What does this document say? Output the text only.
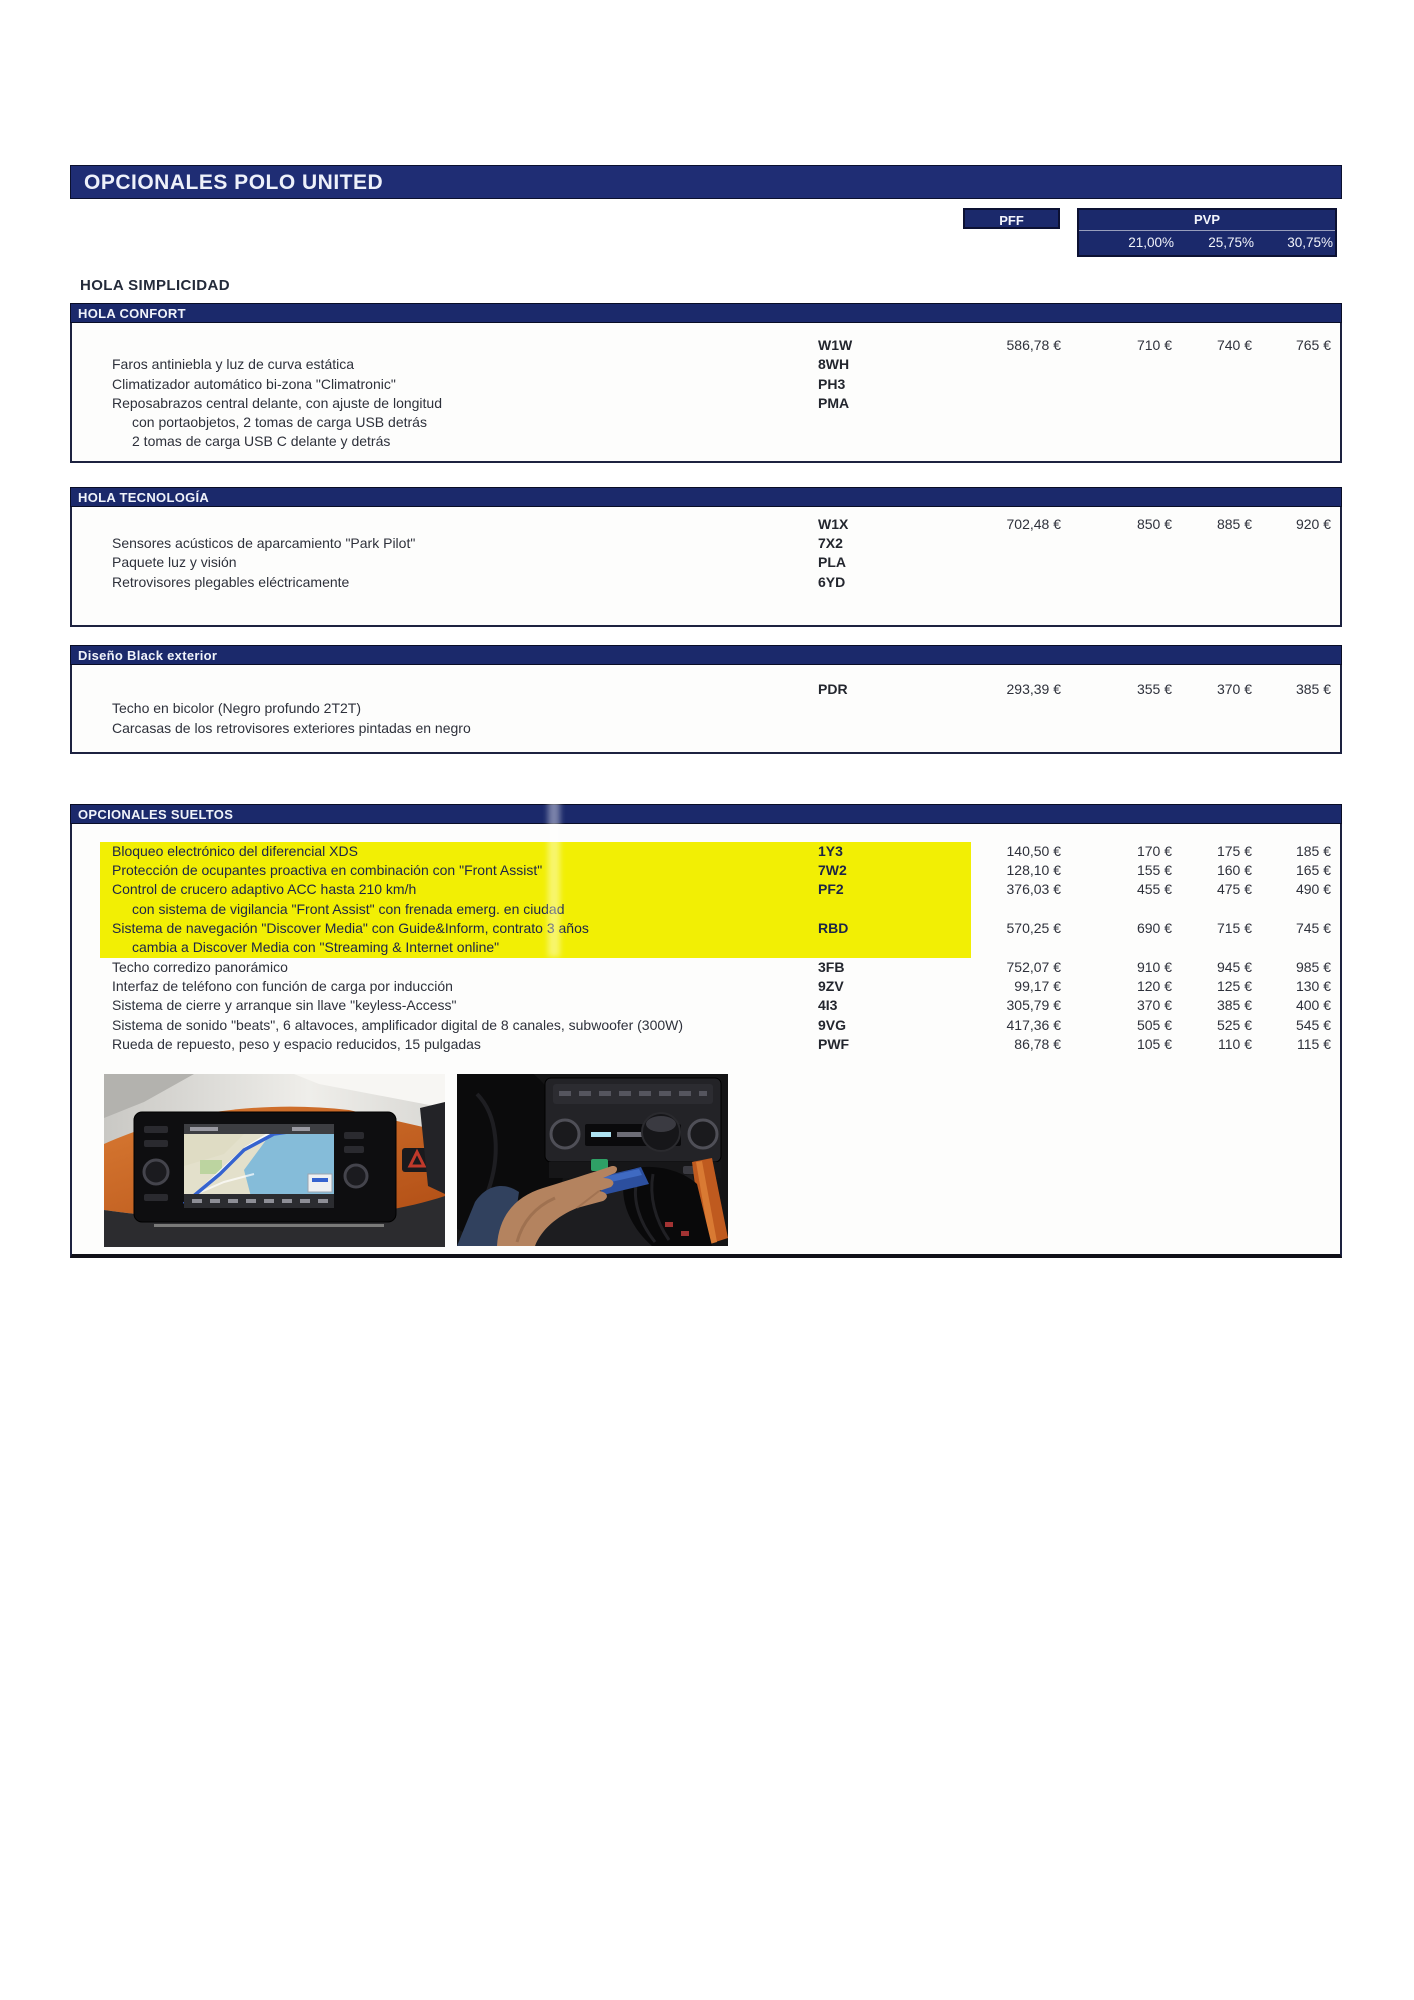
OPCIONALES POLO UNITED
PFF	PVP
21,00%	25,75%	30,75%
HOLA SIMPLICIDAD
HOLA CONFORT
W1W	586,78 €	710 €	740 €	765 €
Faros antiniebla y luz de curva estática	8WH
Climatizador automático bi-zona "Climatronic"	PH3
Reposabrazos central delante, con ajuste de longitud	PMA
con portaobjetos, 2 tomas de carga USB detrás
2 tomas de carga USB C delante y detrás
HOLA TECNOLOGÍA
W1X	702,48 €	850 €	885 €	920 €
Sensores acústicos de aparcamiento "Park Pilot"	7X2
Paquete luz y visión	PLA
Retrovisores plegables eléctricamente	6YD
Diseño Black exterior
PDR	293,39 €	355 €	370 €	385 €
Techo en bicolor (Negro profundo 2T2T)
Carcasas de los retrovisores exteriores pintadas en negro
OPCIONALES SUELTOS
Bloqueo electrónico del diferencial XDS	1Y3	140,50 €	170 €	175 €	185 €
Protección de ocupantes proactiva en combinación con "Front Assist"	7W2	128,10 €	155 €	160 €	165 €
Control de crucero adaptivo ACC hasta 210 km/h	PF2	376,03 €	455 €	475 €	490 €
con sistema de vigilancia "Front Assist" con frenada emerg. en ciudad
Sistema de navegación "Discover Media" con Guide&Inform, contrato 3 años	RBD	570,25 €	690 €	715 €	745 €
cambia a Discover Media con "Streaming & Internet online"
Techo corredizo panorámico	3FB	752,07 €	910 €	945 €	985 €
Interfaz de teléfono con función de carga por inducción	9ZV	99,17 €	120 €	125 €	130 €
Sistema de cierre y arranque sin llave "keyless-Access"	4I3	305,79 €	370 €	385 €	400 €
Sistema de sonido "beats", 6 altavoces, amplificador digital de 8 canales, subwoofer (300W)	9VG	417,36 €	505 €	525 €	545 €
Rueda de repuesto, peso y espacio reducidos, 15 pulgadas	PWF	86,78 €	105 €	110 €	115 €
